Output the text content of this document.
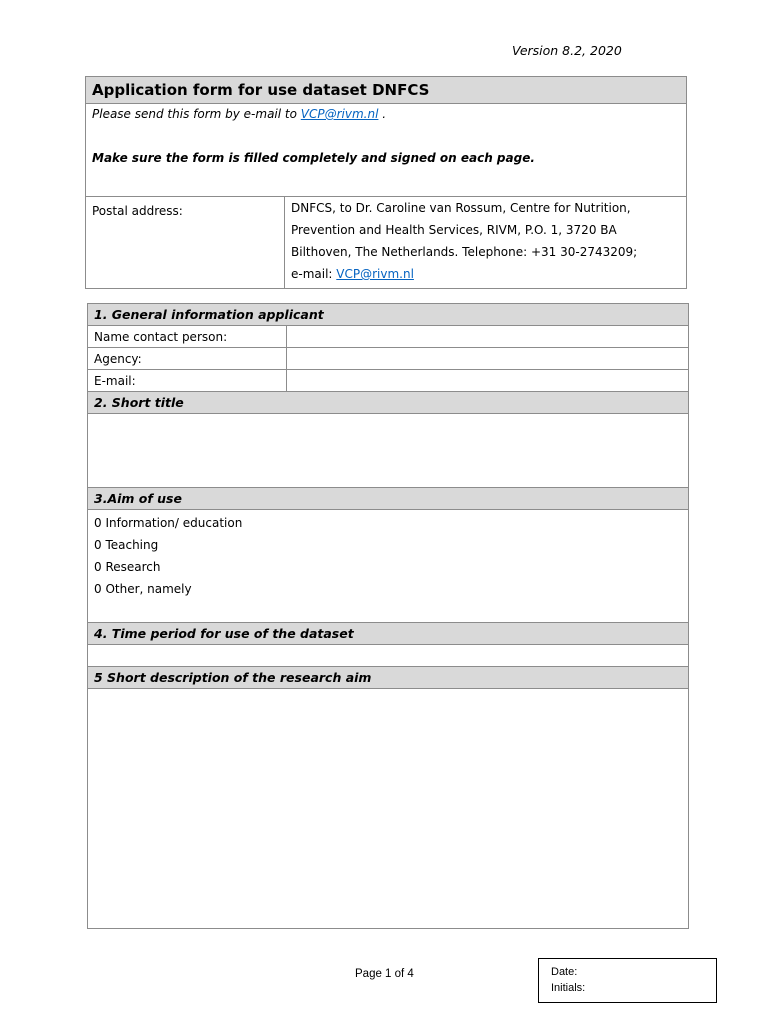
Version 8.2, 2020
Application form for use dataset DNFCS

Please send this form by e-mail to VCP@rivm.nl .
Make sure the form is filled completely and signed on each page.

Postal address:	DNFCS, to Dr. Caroline van Rossum, Centre for Nutrition,
Prevention and Health Services, RIVM, P.O. 1, 3720 BA
Bilthoven, The Netherlands. Telephone: +31 30-2743209;
e-mail: VCP@rivm.nl
1. General information applicant	
Name contact person:	
Agency:	
E-mail:	
2. Short title	

3.Aim of use	

0 Information/ education
0 Teaching
0 Research
0 Other, namely	

4. Time period for use of the dataset	

5 Short description of the research aim	

Page 1 of 4	Date:
Initials:
